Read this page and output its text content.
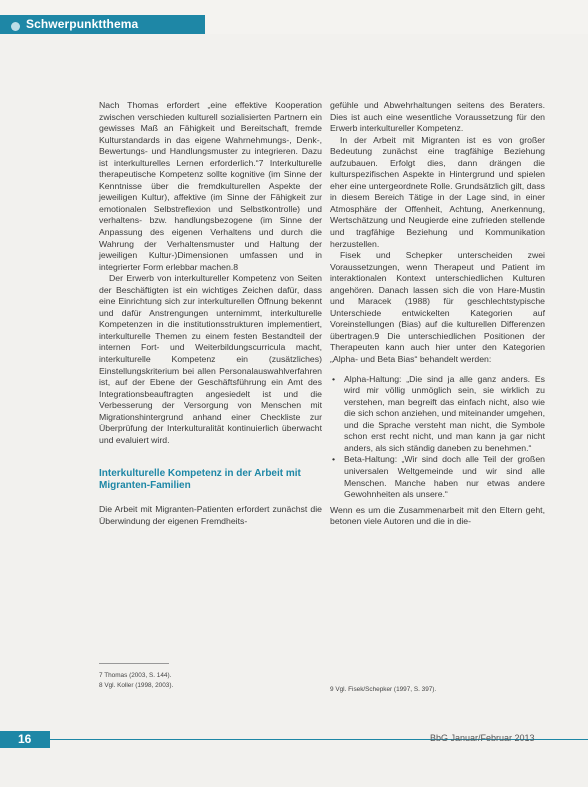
Schwerpunktthema

Nach Thomas erfordert „eine effektive Kooperation zwischen verschieden kulturell sozialisierten Partnern ein gewisses Maß an Fähigkeit und Bereitschaft, fremde Kulturstandards in das eigene Wahrnehmungs-, Denk-, Bewertungs- und Handlungsmuster zu integrieren. Dazu ist interkulturelles Lernen erforderlich.“7 Interkulturelle therapeutische Kompetenz sollte kognitive (im Sinne der Kenntnisse über die fremdkulturellen Aspekte der jeweiligen Kultur), affektive (im Sinne der Fähigkeit zur emotionalen Selbstreflexion und Selbstkontrolle) und verhaltens- bzw. handlungsbezogene (im Sinne der Anpassung des eigenen Verhaltens und durch die Wahrung der Verhaltensmuster und Haltung der jeweiligen Kultur-)Dimensionen umfassen und in integrierter Form erlebbar machen.8

Der Erwerb von interkultureller Kompetenz von Seiten der Beschäftigten ist ein wichtiges Zeichen dafür, dass eine Einrichtung sich zur interkulturellen Öffnung bekennt und dafür Anstrengungen unternimmt, interkulturelle Kompetenzen in die institutionsstrukturen implementiert, interkulturelle Themen zu einem festen Bestandteil der internen Fort- und Weiterbildungscurricula macht, interkulturelle Kompetenz ein (zusätzliches) Einstellungskriterium bei allen Personalauswahlverfahren ist, auf der Ebene der Geschäftsführung ein Amt des Integrationsbeauftragten angesiedelt ist und die Verbesserung der Versorgung von Menschen mit Migrationshintergrund anhand einer Checkliste zur Überprüfung der Interkulturalität kontinuierlich überwacht und evaluiert wird.

Interkulturelle Kompetenz in der Arbeit mit Migranten-Familien

Die Arbeit mit Migranten-Patienten erfordert zunächst die Überwindung der eigenen Fremdheits-

gefühle und Abwehrhaltungen seitens des Beraters. Dies ist auch eine wesentliche Voraussetzung für den Erwerb interkultureller Kompetenz.

In der Arbeit mit Migranten ist es von großer Bedeutung zunächst eine tragfähige Beziehung aufzubauen. Erfolgt dies, dann drängen die kulturspezifischen Aspekte in Hintergrund und spielen eher eine untergeordnete Rolle. Grundsätzlich gilt, dass in diesem Bereich Tätige in der Lage sind, in einer Atmosphäre der Offenheit, Achtung, Anerkennung, Wertschätzung und Neugierde eine zufrieden stellende und tragfähige Beziehung und Kommunikation herzustellen.

Fisek und Schepker unterscheiden zwei Voraussetzungen, wenn Therapeut und Patient im interaktionalen Kontext unterschiedlichen Kulturen angehören. Danach lassen sich die von Hare-Mustin und Maracek (1988) für geschlechtstypische Unterschiede entwickelten Kategorien auf Voreinstellungen (Bias) auf die kulturellen Differenzen übertragen.9 Die unterschiedlichen Positionen der Therapeuten kann auch hier unter den Kategorien „Alpha- und Beta Bias“ behandelt werden:

• Alpha-Haltung: „Die sind ja alle ganz anders. Es wird mir völlig unmöglich sein, sie wirklich zu verstehen, man begreift das einfach nicht, also wie die sich schon anziehen, und miteinander umgehen, und die Sprache versteht man nicht, die Symbole schon erst recht nicht, und man kann ja gar nicht anders, als sich ständig daneben zu benehmen.“
• Beta-Haltung: „Wir sind doch alle Teil der großen universalen Weltgemeinde und wir sind alle Menschen. Manche haben nur etwas andere Gewohnheiten als unsere.“

Wenn es um die Zusammenarbeit mit den Eltern geht, betonen viele Autoren und die in die-

7 Thomas (2003, S. 144).
8 Vgl. Koller (1998, 2003).
9 Vgl. Fisek/Schepker (1997, S. 397).
16	BbG Januar/Februar 2013
